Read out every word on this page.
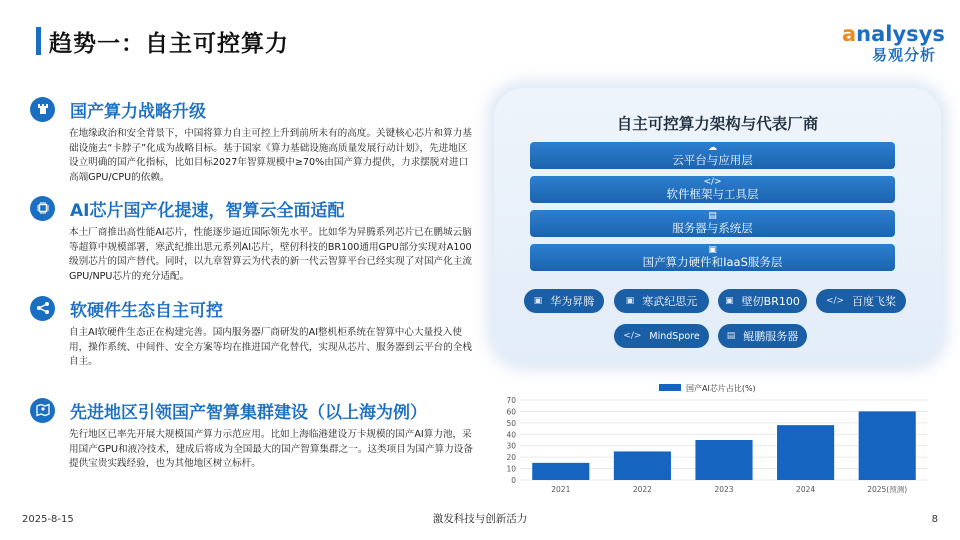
趋势一：自主可控算力	analysys
易观分析
国产算力战略升级
在地缘政治和安全背景下，中国将算力自主可控上升到前所未有的高度。关键核心芯片和算力基础设施去“卡脖子”化成为战略目标。基于国家《算力基础设施高质量发展行动计划》，先进地区设立明确的国产化指标，比如目标2027年智算规模中≥70%由国产算力提供，力求摆脱对进口高端GPU/CPU的依赖。
AI芯片国产化提速，智算云全面适配
本土厂商推出高性能AI芯片，性能逐步逼近国际领先水平。比如华为昇腾系列芯片已在鹏城云脑等超算中规模部署，寒武纪推出思元系列AI芯片，壁仞科技的BR100通用GPU部分实现对A100级别芯片的国产替代。同时，以九章智算云为代表的新一代云智算平台已经实现了对国产化主流GPU/NPU芯片的充分适配。
软硬件生态自主可控
自主AI软硬件生态正在构建完善。国内服务器厂商研发的AI整机柜系统在智算中心大量投入使用，操作系统、中间件、安全方案等均在推进国产化替代，实现从芯片、服务器到云平台的全栈自主。
先进地区引领国产智算集群建设（以上海为例）
先行地区已率先开展大规模国产算力示范应用。比如上海临港建设万卡规模的国产AI算力池，采用国产GPU和液冷技术，建成后将成为全国最大的国产智算集群之一。这类项目为国产算力设备提供宝贵实践经验，也为其他地区树立标杆。
自主可控算力架构与代表厂商
☁
云平台与应用层
</>
软件框架与工具层
▤
服务器与系统层
▣
国产算力硬件和IaaS服务层
▣ 华为昇腾	▣ 寒武纪思元	▣ 壁仞BR100	</> 百度飞桨
</> MindSpore	▤ 鲲鹏服务器
国产AI芯片占比(%)
0
10
20
30
40
50
60
70
2021	2022	2023	2024	2025(预测)
2025-8-15	激发科技与创新活力	8
